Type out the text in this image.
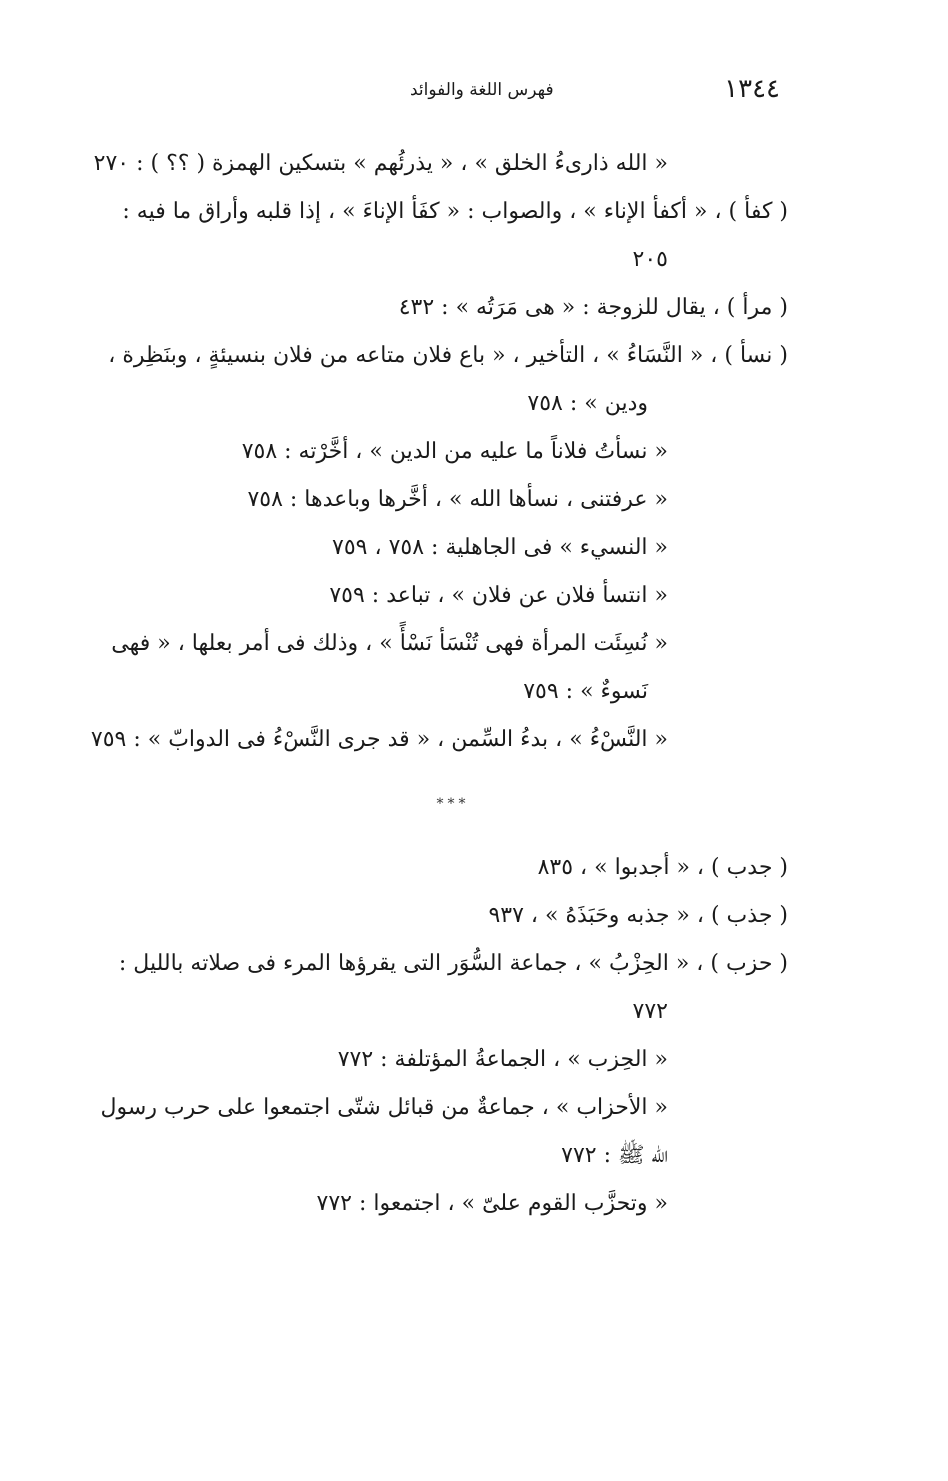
١٣٤٤
فهرس اللغة والفوائد
« الله ذارىءُ الخلق » ، « يذرئُهم » بتسكين الهمزة ( ؟؟ ) : ٢٧٠
( كفأ ) ، « أكفأ الإناء » ، والصواب : « كفَأ الإناءَ » ، إذا قلبه وأراق ما فيه :
٢٠٥
( مرأ ) ، يقال للزوجة : « هى مَرَتُه » : ٤٣٢
( نسأ ) ، « النَّسَاءُ » ، التأخير ، « باع فلان متاعه من فلان بنسيئةٍ ، وبنَظِرة ،
ودين » : ٧٥٨
« نسأتُ فلاناً ما عليه من الدين » ، أخَّرْته : ٧٥٨
« عرفتنى ، نسأها الله » ، أخَّرها وباعدها : ٧٥٨
« النسيء » فى الجاهلية : ٧٥٨ ، ٧٥٩
« انتسأ فلان عن فلان » ، تباعد : ٧٥٩
« نُسِئَت المرأة فهى تُنْسَأ نَسْأً » ، وذلك فى أمر بعلها ، « فهى
نَسوءٌ » : ٧٥٩
« النَّسْءُ » ، بدءُ السِّمن ، « قد جرى النَّسْءُ فى الدوابّ » : ٧٥٩
***
( جدب ) ، « أجدبوا » ، ٨٣٥
( جذب ) ، « جذبه وحَبَذَهُ » ، ٩٣٧
( حزب ) ، « الحِزْبُ » ، جماعة السُّوَر التى يقرؤها المرء فى صلاته بالليل :
٧٧٢
« الحِزب » ، الجماعةُ المؤتلفة : ٧٧٢
« الأحزاب » ، جماعةٌ من قبائل شتّى اجتمعوا على حرب رسول
الله ﷺ : ٧٧٢
« وتحزَّب القوم علىّ » ، اجتمعوا : ٧٧٢
